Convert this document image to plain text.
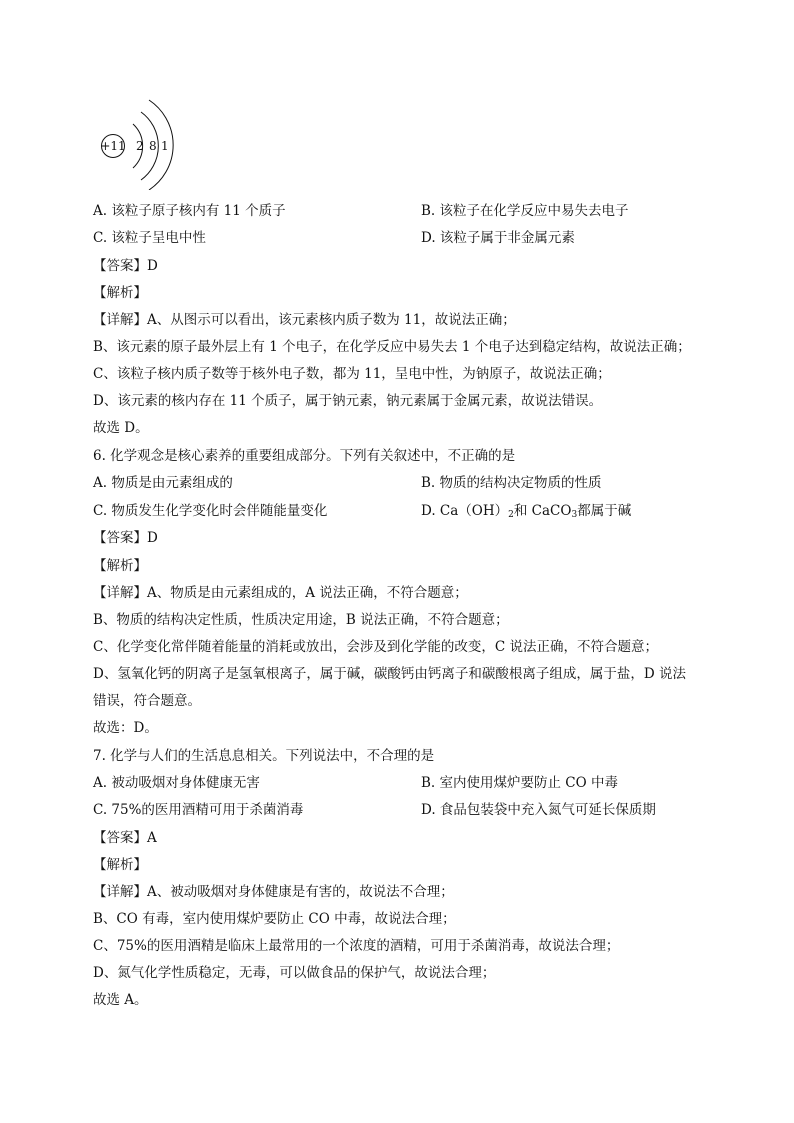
+11 2 8 1
A. 该粒子原子核内有 11 个质子	B. 该粒子在化学反应中易失去电子
C. 该粒子呈电中性	D. 该粒子属于非金属元素
【答案】D
【解析】
【详解】A、从图示可以看出，该元素核内质子数为 11，故说法正确；
B、该元素的原子最外层上有 1 个电子，在化学反应中易失去 1 个电子达到稳定结构，故说法正确；
C、该粒子核内质子数等于核外电子数，都为 11，呈电中性，为钠原子，故说法正确；
D、该元素的核内存在 11 个质子，属于钠元素，钠元素属于金属元素，故说法错误。
故选 D。
6. 化学观念是核心素养的重要组成部分。下列有关叙述中，不正确的是
A. 物质是由元素组成的	B. 物质的结构决定物质的性质
C. 物质发生化学变化时会伴随能量变化	D. $Ca(OH)_2$和 CaCO$_3$都属于碱
【答案】D
【解析】
【详解】A、物质是由元素组成的，A 说法正确，不符合题意；
B、物质的结构决定性质，性质决定用途，B 说法正确，不符合题意；
C、化学变化常伴随着能量的消耗或放出，会涉及到化学能的改变，C 说法正确，不符合题意；
D、氢氧化钙的阴离子是氢氧根离子，属于碱，碳酸钙由钙离子和碳酸根离子组成，属于盐，D 说法
错误，符合题意。
故选：D。
7. 化学与人们的生活息息相关。下列说法中，不合理的是
A. 被动吸烟对身体健康无害	B. 室内使用煤炉要防止 CO 中毒
C. 75%的医用酒精可用于杀菌消毒	D. 食品包装袋中充入氮气可延长保质期
【答案】A
【解析】
【详解】A、被动吸烟对身体健康是有害的，故说法不合理；
B、CO 有毒，室内使用煤炉要防止 CO 中毒，故说法合理；
C、75%的医用酒精是临床上最常用的一个浓度的酒精，可用于杀菌消毒，故说法合理；
D、氮气化学性质稳定，无毒，可以做食品的保护气，故说法合理；
故选 A。
